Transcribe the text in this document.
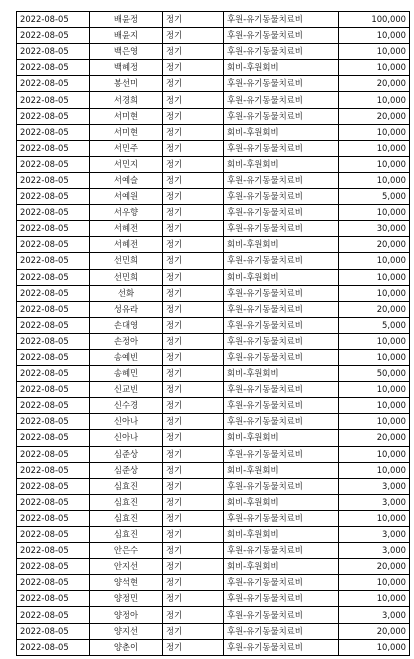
2022-08-05	배윤정	정기	후원-유기동물치료비	100,000
2022-08-05	배윤지	정기	후원-유기동물치료비	10,000
2022-08-05	백은영	정기	후원-유기동물치료비	10,000
2022-08-05	백혜정	정기	회비-후원회비	10,000
2022-08-05	봉선미	정기	후원-유기동물치료비	20,000
2022-08-05	서경희	정기	후원-유기동물치료비	10,000
2022-08-05	서미현	정기	후원-유기동물치료비	20,000
2022-08-05	서미현	정기	회비-후원회비	10,000
2022-08-05	서민주	정기	후원-유기동물치료비	10,000
2022-08-05	서민지	정기	회비-후원회비	10,000
2022-08-05	서예슬	정기	후원-유기동물치료비	10,000
2022-08-05	서예원	정기	후원-유기동물치료비	5,000
2022-08-05	서우향	정기	후원-유기동물치료비	10,000
2022-08-05	서혜전	정기	후원-유기동물치료비	30,000
2022-08-05	서혜전	정기	회비-후원회비	20,000
2022-08-05	선민희	정기	후원-유기동물치료비	10,000
2022-08-05	선민희	정기	회비-후원회비	10,000
2022-08-05	선화	정기	후원-유기동물치료비	10,000
2022-08-05	성유라	정기	후원-유기동물치료비	20,000
2022-08-05	손대영	정기	후원-유기동물치료비	5,000
2022-08-05	손정아	정기	후원-유기동물치료비	10,000
2022-08-05	송예빈	정기	후원-유기동물치료비	10,000
2022-08-05	송혜민	정기	회비-후원회비	50,000
2022-08-05	신교빈	정기	후원-유기동물치료비	10,000
2022-08-05	신수경	정기	후원-유기동물치료비	10,000
2022-08-05	신아나	정기	후원-유기동물치료비	10,000
2022-08-05	신아나	정기	회비-후원회비	20,000
2022-08-05	심준상	정기	후원-유기동물치료비	10,000
2022-08-05	심준상	정기	회비-후원회비	10,000
2022-08-05	심효진	정기	후원-유기동물치료비	3,000
2022-08-05	심효진	정기	회비-후원회비	3,000
2022-08-05	심효진	정기	후원-유기동물치료비	10,000
2022-08-05	심효진	정기	회비-후원회비	3,000
2022-08-05	안은수	정기	후원-유기동물치료비	3,000
2022-08-05	안지선	정기	회비-후원회비	20,000
2022-08-05	양석현	정기	후원-유기동물치료비	10,000
2022-08-05	양정민	정기	후원-유기동물치료비	10,000
2022-08-05	양정아	정기	후원-유기동물치료비	3,000
2022-08-05	양지선	정기	후원-유기동물치료비	20,000
2022-08-05	양춘이	정기	후원-유기동물치료비	10,000
